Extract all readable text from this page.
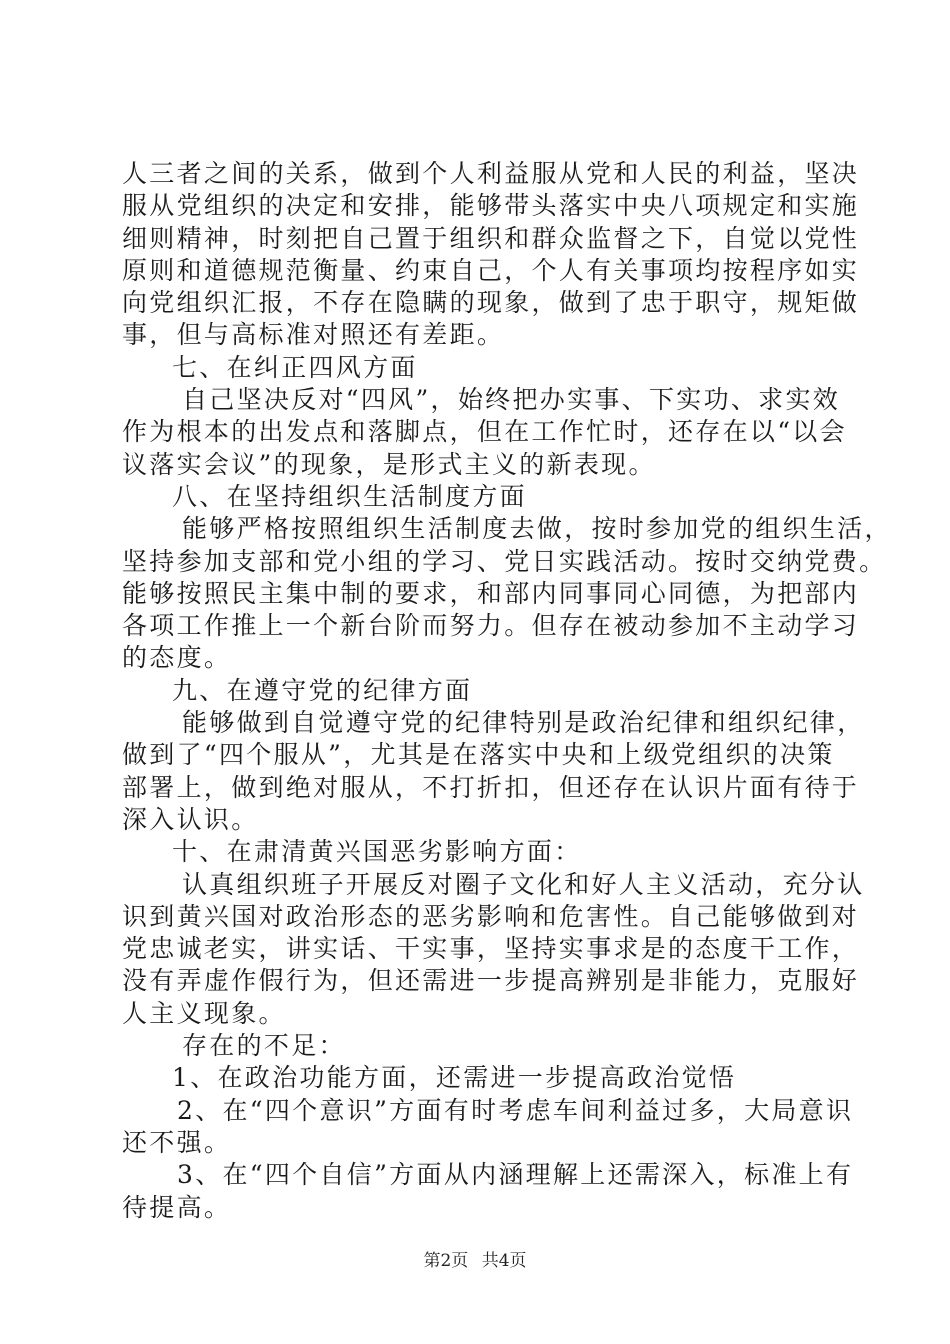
人三者之间的关系，做到个人利益服从党和人民的利益，坚决
服从党组织的决定和安排，能够带头落实中央八项规定和实施
细则精神，时刻把自己置于组织和群众监督之下，自觉以党性
原则和道德规范衡量、约束自己，个人有关事项均按程序如实
向党组织汇报，不存在隐瞒的现象，做到了忠于职守，规矩做
事，但与高标准对照还有差距。
七、在纠正四风方面
自己坚决反对“四风”，始终把办实事、下实功、求实效
作为根本的出发点和落脚点，但在工作忙时，还存在以“以会
议落实会议”的现象，是形式主义的新表现。
八、在坚持组织生活制度方面
能够严格按照组织生活制度去做，按时参加党的组织生活，
坚持参加支部和党小组的学习、党日实践活动。按时交纳党费。
能够按照民主集中制的要求，和部内同事同心同德，为把部内
各项工作推上一个新台阶而努力。但存在被动参加不主动学习
的态度。
九、在遵守党的纪律方面
能够做到自觉遵守党的纪律特别是政治纪律和组织纪律，
做到了“四个服从”，尤其是在落实中央和上级党组织的决策
部署上，做到绝对服从，不打折扣，但还存在认识片面有待于
深入认识。
十、在肃清黄兴国恶劣影响方面：
认真组织班子开展反对圈子文化和好人主义活动，充分认
识到黄兴国对政治形态的恶劣影响和危害性。自己能够做到对
党忠诚老实，讲实话、干实事，坚持实事求是的态度干工作，
没有弄虚作假行为，但还需进一步提高辨别是非能力，克服好
人主义现象。
存在的不足：
1、在政治功能方面，还需进一步提高政治觉悟
2、在“四个意识”方面有时考虑车间利益过多，大局意识
还不强。
3、在“四个自信”方面从内涵理解上还需深入，标准上有
待提高。
第2页 共4页
